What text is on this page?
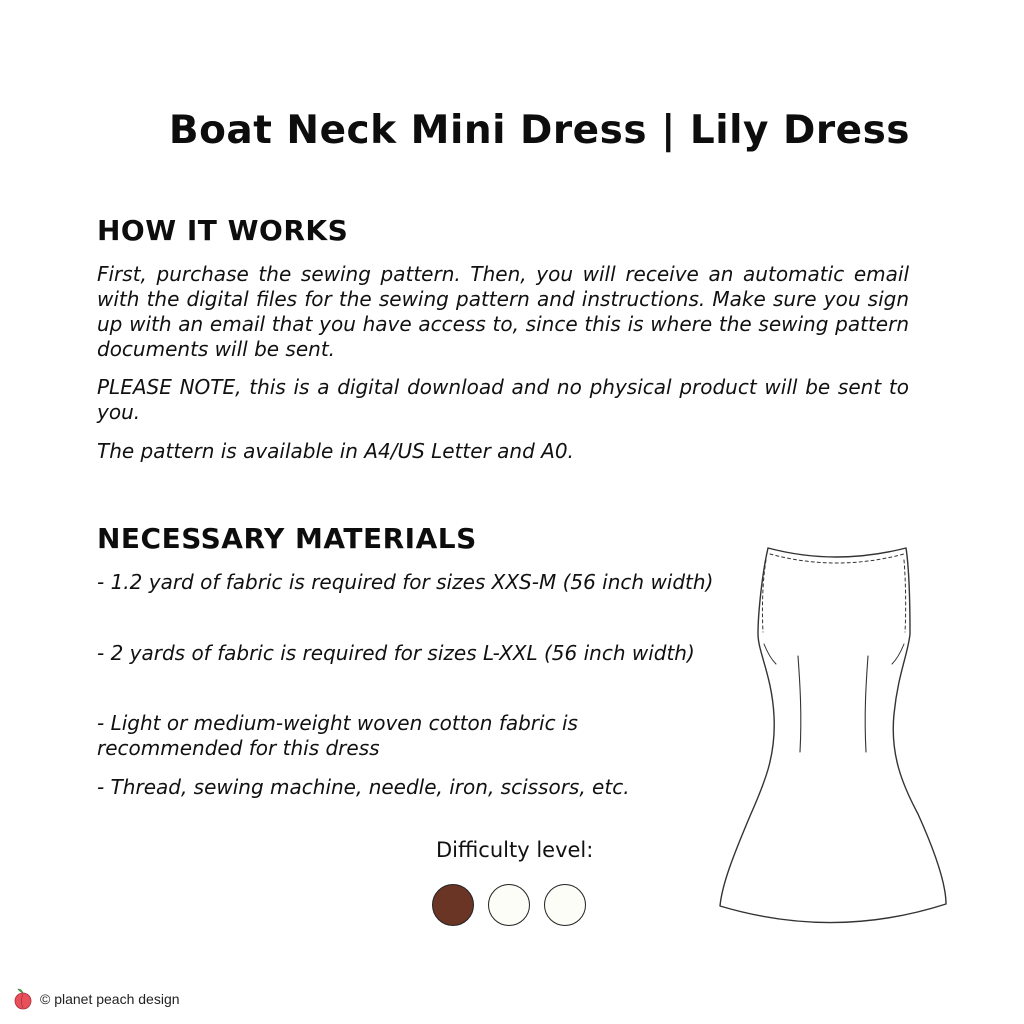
Boat Neck Mini Dress | Lily Dress
HOW IT WORKS

First, purchase the sewing pattern. Then, you will receive an automatic email with the digital files for the sewing pattern and instructions. Make sure you sign up with an email that you have access to, since this is where the sewing pattern documents will be sent.

PLEASE NOTE, this is a digital download and no physical product will be sent to you.

The pattern is available in A4/US Letter and A0.

NECESSARY MATERIALS

- 1.2 yard of fabric is required for sizes XXS-M (56 inch width)

- 2 yards of fabric is required for sizes L-XXL (56 inch width)

- Light or medium-weight woven cotton fabric is recommended for this dress

- Thread, sewing machine, needle, iron, scissors, etc.

Difficulty level:
© planet peach design
